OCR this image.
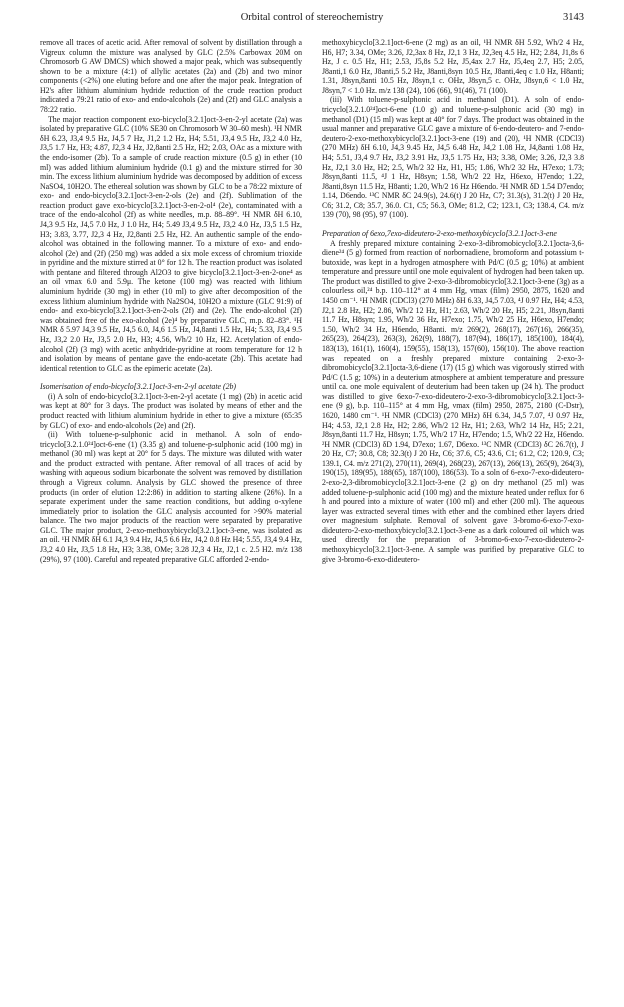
Orbital control of stereochemistry	3143

remove all traces of acetic acid. After removal of solvent by distillation through a Vigreux column the mixture was analysed by GLC (2.5% Carbowax 20M on Chromosorb G AW DMCS) which showed a major peak, which was subsequently shown to be a mixture (4:1) of allylic acetates (2a) and (2b) and two minor components (<2%) one eluting before and one after the major peak. Integration of H2's after lithium aluminium hydride reduction of the crude reaction product indicated a 79:21 ratio of exo- and endo-alcohols (2e) and (2f) and GLC analysis a 78:22 ratio.

The major reaction component exo-bicyclo[3.2.1]oct-3-en-2-yl acetate (2a) was isolated by preparative GLC (10% SE30 on Chromosorb W 30–60 mesh). ¹H NMR δH 6.23, J3,4 9.5 Hz, J4,5 7 Hz, J1,2 1.2 Hz, H4; 5.51, J3,4 9.5 Hz, J3,2 4.0 Hz, J3,5 1.7 Hz, H3; 4.87, J2,3 4 Hz, J2,8anti 2.5 Hz, H2; 2.03, OAc as a mixture with the endo-isomer (2b). To a sample of crude reaction mixture (0.5 g) in ether (10 ml) was added lithium aluminium hydride (0.1 g) and the mixture stirred for 30 min. The excess lithium aluminium hydride was decomposed by addition of excess NaSO4, 10H2O. The ethereal solution was shown by GLC to be a 78:22 mixture of exo- and endo-bicyclo[3.2.1]oct-3-en-2-ols (2e) and (2f). Sublimation of the reaction product gave exo-bicyclo[3.2.1]oct-3-en-2-ol⁴ (2e), contaminated with a trace of the endo-alcohol (2f) as white needles, m.p. 88–89°. ¹H NMR δH 6.10, J4,3 9.5 Hz, J4,5 7.0 Hz, J 1.0 Hz, H4; 5.49 J3,4 9.5 Hz, J3,2 4.0 Hz, J3,5 1.5 Hz, H3; 3.83, 3.77, J2,3 4 Hz, J2,8anti 2.5 Hz, H2. An authentic sample of the endo-alcohol was obtained in the following manner. To a mixture of exo- and endo-alcohol (2e) and (2f) (250 mg) was added a six mole excess of chromium trioxide in pyridine and the mixture stirred at 0° for 12 h. The reaction product was isolated with pentane and filtered through Al2O3 to give bicyclo[3.2.1]oct-3-en-2-one⁴ as an oil νmax 6.0 and 5.9μ. The ketone (100 mg) was reacted with lithium aluminium hydride (30 mg) in ether (10 ml) to give after decomposition of the excess lithium aluminium hydride with Na2SO4, 10H2O a mixture (GLC 91:9) of endo- and exo-bicyclo[3.2.1]oct-3-en-2-ols (2f) and (2e). The endo-alcohol (2f) was obtained free of the exo-alcohol (2e)⁴ by preparative GLC, m.p. 82–83°. ¹H NMR δ 5.97 J4,3 9.5 Hz, J4,5 6.0, J4,6 1.5 Hz, J4,8anti 1.5 Hz, H4; 5.33, J3,4 9.5 Hz, J3,2 2.0 Hz, J3,5 2.0 Hz, H3; 4.56, Wh/2 10 Hz, H2. Acetylation of endo-alcohol (2f) (3 mg) with acetic anhydride-pyridine at room temperature for 12 h and isolation by means of pentane gave the endo-acetate (2b). This acetate had identical retention to GLC as the epimeric acetate (2a).

Isomerisation of endo-bicyclo[3.2.1]oct-3-en-2-yl acetate (2b)

(i) A soln of endo-bicyclo[3.2.1]oct-3-en-2-yl acetate (1 mg) (2b) in acetic acid was kept at 80° for 3 days. The product was isolated by means of ether and the product reacted with lithium aluminium hydride in ether to give a mixture (65:35 by GLC) of exo- and endo-alcohols (2e) and (2f).

(ii) With toluene-p-sulphonic acid in methanol. A soln of endo-tricyclo[3.2.1.0²⁴]oct-6-ene (1) (3.35 g) and toluene-p-sulphonic acid (100 mg) in methanol (30 ml) was kept at 20° for 5 days. The mixture was diluted with water and the product extracted with pentane. After removal of all traces of acid by washing with aqueous sodium bicarbonate the solvent was removed by distillation through a Vigreux column. Analysis by GLC showed the presence of three products (in order of elution 12:2:86) in addition to starting alkene (26%). In a separate experiment under the same reaction conditions, but adding o-xylene immediately prior to isolation the GLC analysis accounted for >90% material balance. The two major products of the reaction were separated by preparative GLC. The major product, 2-exo-methoxybicyclo[3.2.1]oct-3-ene, was isolated as an oil. ¹H NMR δH 6.1 J4,3 9.4 Hz, J4,5 6.6 Hz, J4,2 0.8 Hz H4; 5.55, J3,4 9.4 Hz, J3,2 4.0 Hz, J3,5 1.8 Hz, H3; 3.38, OMe; 3.28 J2,3 4 Hz, J2,1 c. 2.5 H2. m/z 138 (29%), 97 (100). Careful and repeated preparative GLC afforded 2-endo-

methoxybicyclo[3.2.1]oct-6-ene (2 mg) as an oil, ¹H NMR δH 5.92, Wh/2 4 Hz, H6, H7; 3.34, OMe; 3.26, J2,3ax 8 Hz, J2,1 3 Hz, J2,3eq 4.5 Hz, H2; 2.84, J1,8s 6 Hz, J c. 0.5 Hz, H1; 2.53, J5,8s 5.2 Hz, J5,4ax 2.7 Hz, J5,4eq 2.7, H5; 2.05, J8anti,1 6.0 Hz, J8anti,5 5.2 Hz, J8anti,8syn 10.5 Hz, J8anti,4eq c 1.0 Hz, H8anti; 1.31, J8syn,8anti 10.5 Hz, J8syn,1 c. OHz, J8syn,5 c. OHz, J8syn,6 < 1.0 Hz, J8syn,7 < 1.0 Hz. m/z 138 (24), 106 (66), 91(46), 71 (100).

(iii) With toluene-p-sulphonic acid in methanol (D1). A soln of endo-tricyclo[3.2.1.0²⁴]oct-6-ene (1.0 g) and toluene-p-sulphonic acid (30 mg) in methanol (D1) (15 ml) was kept at 40° for 7 days. The product was obtained in the usual manner and preparative GLC gave a mixture of 6-endo-deutero- and 7-endo-deutero-2-exo-methoxybicyclo[3.2.1]oct-3-ene (19) and (20), ¹H NMR (CDCl3) (270 MHz) δH 6.10, J4,3 9.45 Hz, J4,5 6.48 Hz, J4,2 1.08 Hz, J4,8anti 1.08 Hz, H4; 5.51, J3,4 9.7 Hz, J3,2 3.91 Hz, J3,5 1.75 Hz, H3; 3.38, OMe; 3.26, J2,3 3.8 Hz, J2,1 3.0 Hz, H2; 2.5, Wh/2 32 Hz, H1, H5; 1.86, Wh/2 32 Hz, H7exo; 1.73; J8syn,8anti 11.5, ⁴J 1 Hz, H8syn; 1.58, Wh/2 22 Hz, H6exo, H7endo; 1.22, J8anti,8syn 11.5 Hz, H8anti; 1.20, Wh/2 16 Hz H6endo. ²H NMR δD 1.54 D7endo; 1.14, D6endo. ¹³C NMR δC 24.9(s), 24.6(t) J 20 Hz, C7; 31.3(s), 31.2(t) J 20 Hz, C6; 31.2, C8; 35.7, 36.0. C1, C5; 56.3, OMe; 81.2, C2; 123.1, C3; 138.4, C4. m/z 139 (70), 98 (95), 97 (100).

Preparation of 6exo,7exo-dideutero-2-exo-methoxybicyclo[3.2.1]oct-3-ene

A freshly prepared mixture containing 2-exo-3-dibromobicyclo[3.2.1]octa-3,6-diene²⁴ (5 g) formed from reaction of norbornadiene, bromoform and potassium t-butoxide, was kept in a hydrogen atmosphere with Pd/C (0.5 g; 10%) at ambient temperature and pressure until one mole equivalent of hydrogen had been taken up. The product was distilled to give 2-exo-3-dibromobicyclo[3.2.1]oct-3-ene (3g) as a colourless oil,²⁴ b.p. 110–112° at 4 mm Hg, νmax (film) 2950, 2875, 1620 and 1450 cm⁻¹. ¹H NMR (CDCl3) (270 MHz) δH 6.33, J4,5 7.03, ⁴J 0.97 Hz, H4; 4.53, J2,1 2.8 Hz, H2; 2.86, Wh/2 12 Hz, H1; 2.63, Wh/2 20 Hz, H5; 2.21, J8syn,8anti 11.7 Hz, H8syn; 1.95, Wh/2 36 Hz, H7exo; 1.75, Wh/2 25 Hz, H6exo, H7endo; 1.50, Wh/2 34 Hz, H6endo, H8anti. m/z 269(2), 268(17), 267(16), 266(35), 265(23), 264(23), 263(3), 262(9), 188(7), 187(94), 186(17), 185(100), 184(4), 183(13), 161(1), 160(4), 159(55), 158(13), 157(60), 156(10). The above reaction was repeated on a freshly prepared mixture containing 2-exo-3-dibromobicyclo[3.2.1]octa-3,6-diene (17) (15 g) which was vigorously stirred with Pd/C (1.5 g; 10%) in a deuterium atmosphere at ambient temperature and pressure until ca. one mole equivalent of deuterium had been taken up (24 h). The product was distilled to give 6exo-7-exo-dideutero-2-exo-3-dibromobicyclo[3.2.1]oct-3-ene (9 g), b.p. 110–115° at 4 mm Hg, νmax (film) 2950, 2875, 2180 (C-Dstr), 1620, 1480 cm⁻¹. ¹H NMR (CDCl3) (270 MHz) δH 6.34, J4,5 7.07, ⁴J 0.97 Hz, H4; 4.53, J2,1 2.8 Hz, H2; 2.86, Wh/2 12 Hz, H1; 2.63, Wh/2 14 Hz, H5; 2.21, J8syn,8anti 11.7 Hz, H8syn; 1.75, Wh/2 17 Hz, H7endo; 1.5, Wh/2 22 Hz, H6endo. ²H NMR (CDCl3) δD 1.94, D7exo; 1.67, D6exo. ¹³C NMR (CDCl3) δC 26.7(t), J 20 Hz, C7; 30.8, C8; 32.3(t) J 20 Hz, C6; 37.6, C5; 43.6, C1; 61.2, C2; 120.9, C3; 139.1, C4. m/z 271(2), 270(11), 269(4), 268(23), 267(13), 266(13), 265(9), 264(3), 190(15), 189(95), 188(65), 187(100), 186(53). To a soln of 6-exo-7-exo-dideutero-2-exo-2,3-dibromobicyclo[3.2.1]oct-3-ene (2 g) on dry methanol (25 ml) was added toluene-p-sulphonic acid (100 mg) and the mixture heated under reflux for 6 h and poured into a mixture of water (100 ml) and ether (200 ml). The aqueous layer was extracted several times with ether and the combined ether layers dried over magnesium sulphate. Removal of solvent gave 3-bromo-6-exo-7-exo-dideutero-2-exo-methoxybicyclo[3.2.1]oct-3-ene as a dark coloured oil which was used directly for the preparation of 3-bromo-6-exo-7-exo-dideutero-2-methoxybicyclo[3.2.1]oct-3-ene. A sample was purified by preparative GLC to give 3-bromo-6-exo-dideutero-
